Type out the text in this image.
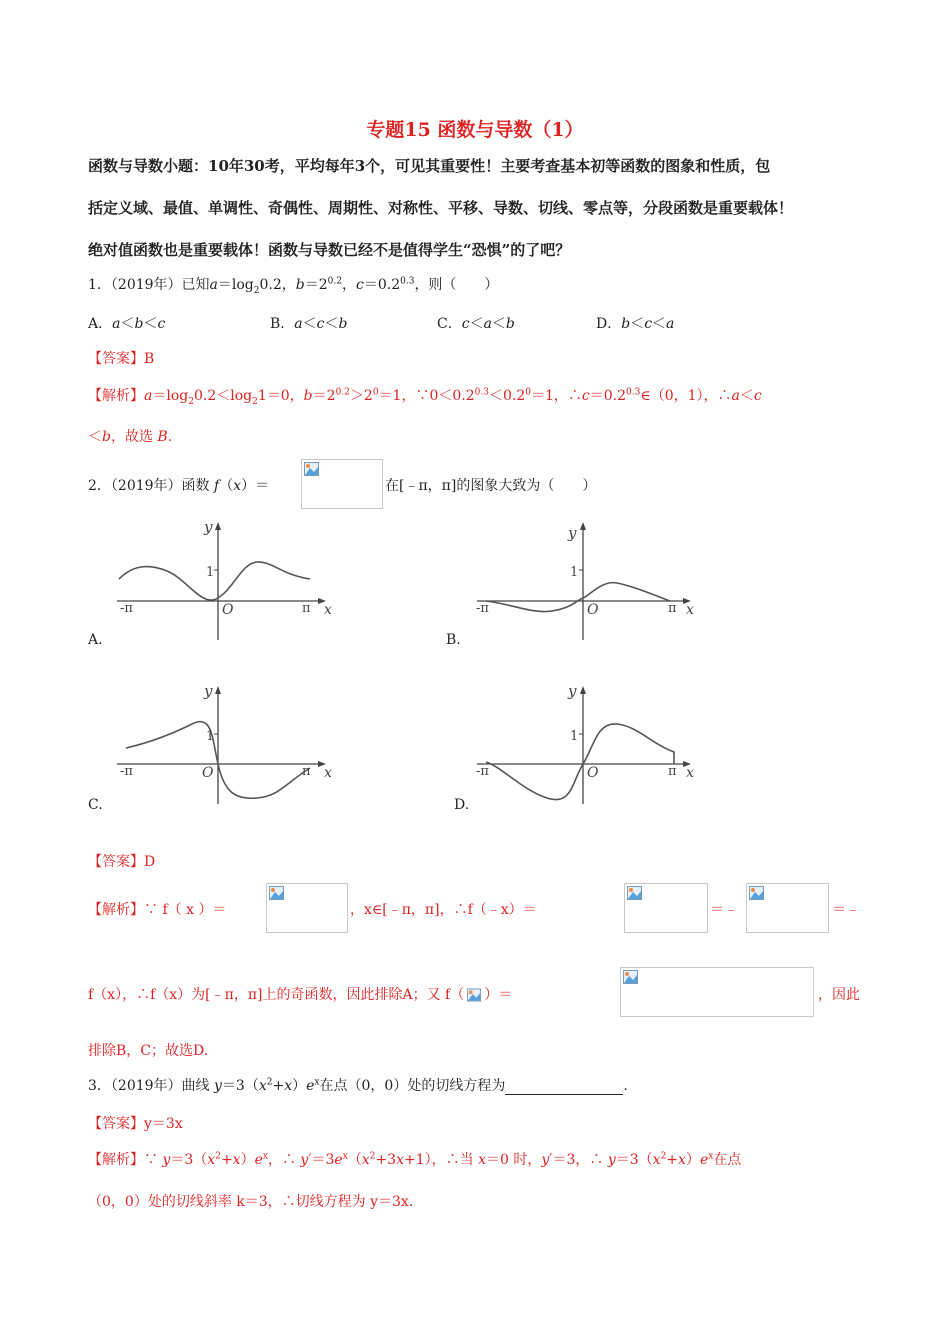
专题15 函数与导数（1）
函数与导数小题：10年30考，平均每年3个，可见其重要性！主要考查基本初等函数的图象和性质，包
括定义域、最值、单调性、奇偶性、周期性、对称性、平移、导数、切线、零点等，分段函数是重要载体！
绝对值函数也是重要载体！函数与导数已经不是值得学生“恐惧”的了吧？
1．（2019年）已知$a=\log_20.2$，$b=2^{0.2}$，$c=0.2^{0.3}$，则（　　）
A．a＜b＜c	B．a＜c＜b	C．c＜a＜b	D．b＜c＜a
【答案】B
【解析】$a=\log_20.2<\log_21=0$，$b=2^{0.2}>2^0=1$，$\because 0<0.2^{0.3}<0.2^0=1$，$\therefore c=0.2^{0.3}\in(0$，1），∴a＜c
＜b，故选 B.
2．（2019年）函数 f（x）＝	在[﹣π，π]的图象大致为（　　）
y
1
-π	O	π x
A.
y
1
-π	O	π x
B.
y
1
-π	O	π x
C.
y
1
-π	O	π x
D.
【答案】D
【解析】∵ f（ x ）＝	，x∈[﹣π，π]，∴f（﹣x）＝	＝﹣	＝﹣
f（x），∴f（x）为[﹣π，π]上的奇函数，因此排除A；又 f（ ）＝	，因此
排除B，C；故选D.
3．（2019年）曲线 $y=3(x^2+x)e^x$在点（0，0）处的切线方程为	.
【答案】y＝3x
【解析】∵ $y=3(x^2+x)e^x$，∴ $y'=3e^x(x^2+3x+1)$，∴当 x＝0 时，y′＝3，∴ $y=3(x^2+x)e^x$在点
（0，0）处的切线斜率 k＝3，∴切线方程为 y＝3x.
